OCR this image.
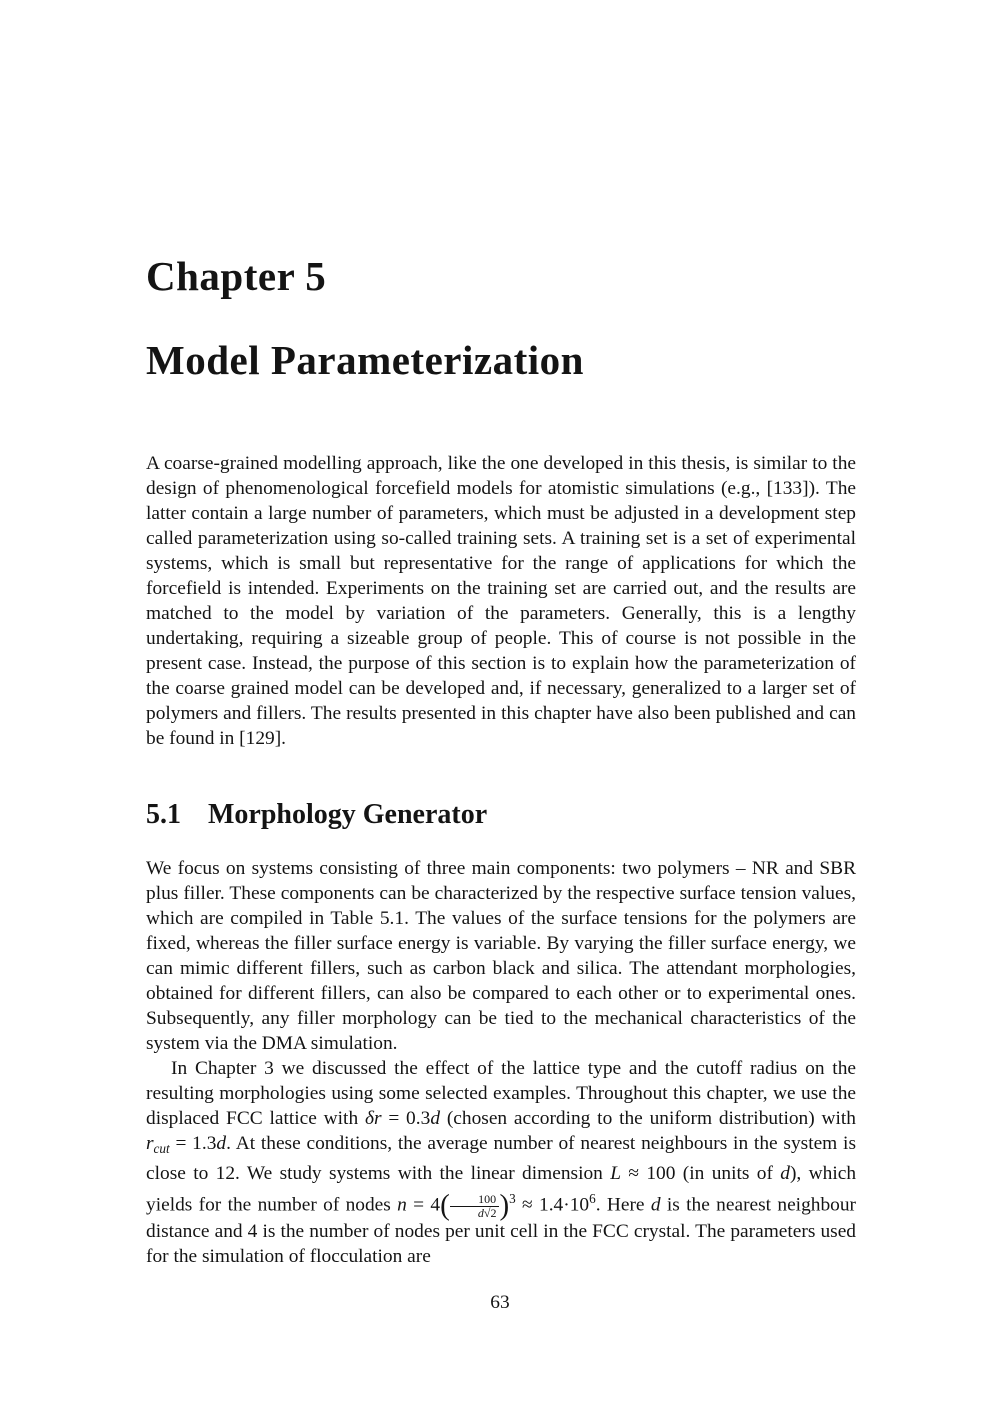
Chapter 5
Model Parameterization

A coarse-grained modelling approach, like the one developed in this thesis, is similar to the design of phenomenological forcefield models for atomistic simulations (e.g., [133]). The latter contain a large number of parameters, which must be adjusted in a development step called parameterization using so-called training sets. A training set is a set of experimental systems, which is small but representative for the range of applications for which the forcefield is intended. Experiments on the training set are carried out, and the results are matched to the model by variation of the parameters. Generally, this is a lengthy undertaking, requiring a sizeable group of people. This of course is not possible in the present case. Instead, the purpose of this section is to explain how the parameterization of the coarse grained model can be developed and, if necessary, generalized to a larger set of polymers and fillers. The results presented in this chapter have also been published and can be found in [129].

5.1 Morphology Generator

We focus on systems consisting of three main components: two polymers – NR and SBR plus filler. These components can be characterized by the respective surface tension values, which are compiled in Table 5.1. The values of the surface tensions for the polymers are fixed, whereas the filler surface energy is variable. By varying the filler surface energy, we can mimic different fillers, such as carbon black and silica. The attendant morphologies, obtained for different fillers, can also be compared to each other or to experimental ones. Subsequently, any filler morphology can be tied to the mechanical characteristics of the system via the DMA simulation.

In Chapter 3 we discussed the effect of the lattice type and the cutoff radius on the resulting morphologies using some selected examples. Throughout this chapter, we use the displaced FCC lattice with δr = 0.3d (chosen according to the uniform distribution) with $r_{cut} = 1.3d$. At these conditions, the average number of nearest neighbours in the system is close to 12. We study systems with the linear dimension L ≈ 100 (in units of d), which yields for the number of nodes $n = 4( \frac{100}{d√2} )^3 \approx 1.4\cdot 10^6$. Here d is the nearest neighbour distance and 4 is the number of nodes per unit cell in the FCC crystal. The parameters used for the simulation of flocculation are

63
